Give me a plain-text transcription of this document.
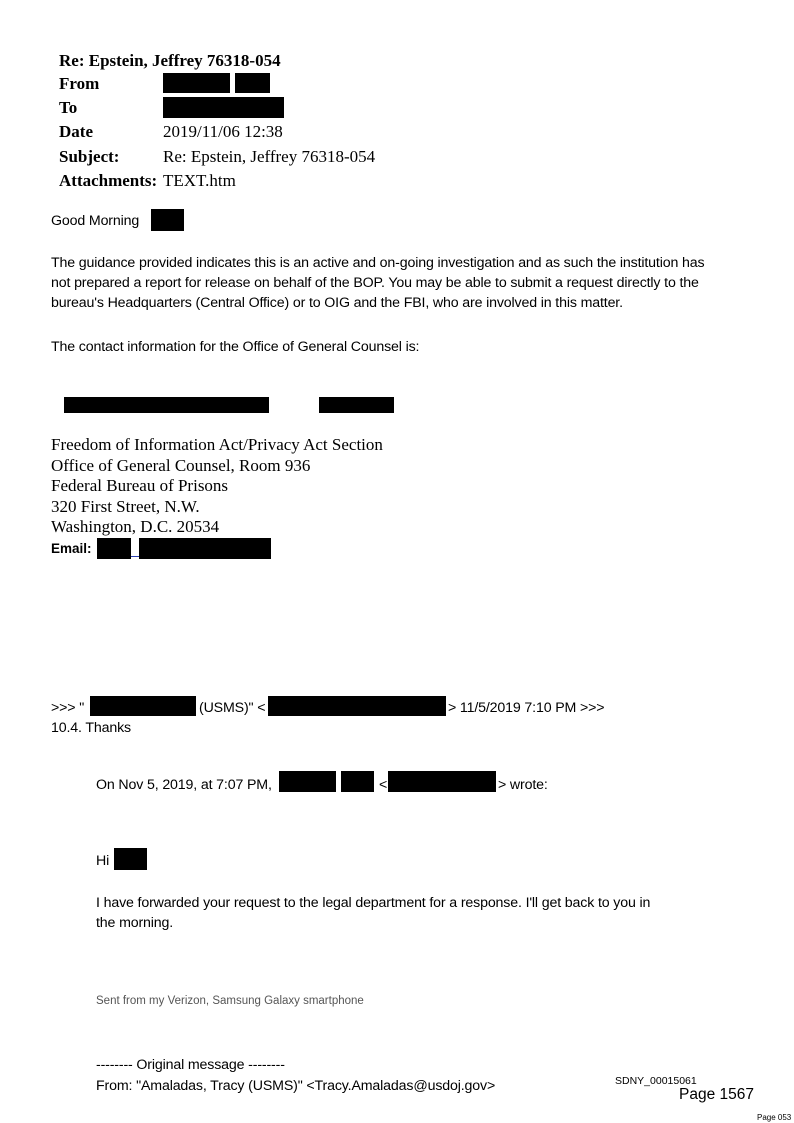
Re: Epstein, Jeffrey 76318-054
From
To
Date	2019/11/06 12:38
Subject:	Re: Epstein, Jeffrey 76318-054
Attachments: TEXT.htm
Good Morning
The guidance provided indicates this is an active and on-going investigation and as such the institution has
not prepared a report for release on behalf of the BOP. You may be able to submit a request directly to the
bureau's Headquarters (Central Office) or to OIG and the FBI, who are involved in this matter.
The contact information for the Office of General Counsel is:
Freedom of Information Act/Privacy Act Section
Office of General Counsel, Room 936
Federal Bureau of Prisons
320 First Street, N.W.
Washington, D.C. 20534
Email:
>>> "	(USMS)" <	> 11/5/2019 7:10 PM >>>
10.4. Thanks
On Nov 5, 2019, at 7:07 PM,	<	> wrote:
Hi
I have forwarded your request to the legal department for a response. I'll get back to you in
the morning.
Sent from my Verizon, Samsung Galaxy smartphone
-------- Original message --------
From: "Amaladas, Tracy (USMS)" <Tracy.Amaladas@usdoj.gov>	SDNY_00015061
Page 1567
Page 053
